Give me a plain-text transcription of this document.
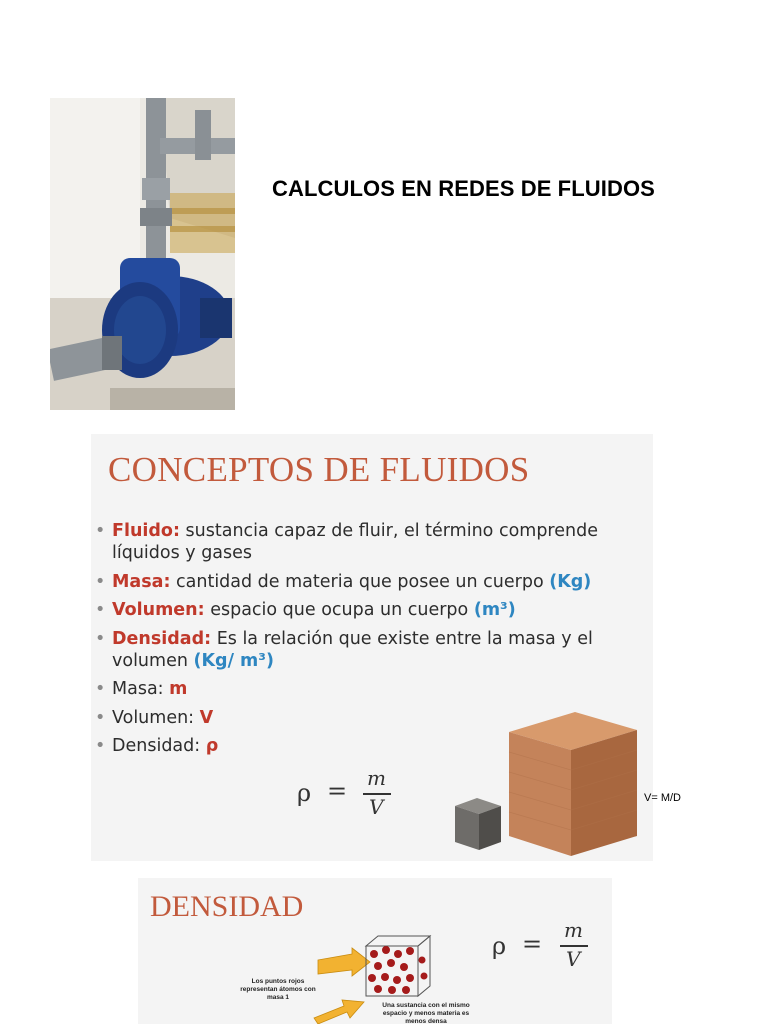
CALCULOS EN REDES DE FLUIDOS
CONCEPTOS DE FLUIDOS
• Fluido: sustancia capaz de fluir, el término comprende
líquidos y gases
• Masa: cantidad de materia que posee un cuerpo (Kg)
• Volumen: espacio que ocupa un cuerpo (m³)
• Densidad: Es la relación que existe entre la masa y el
volumen (Kg/ m³)
• Masa: m
• Volumen: V
• Densidad: ρ
ρ = m
V	V= M/D
DENSIDAD
ρ = m
V
Los puntos rojos representan átomos con masa 1
Una sustancia con el mismo espacio y menos materia es menos densa
